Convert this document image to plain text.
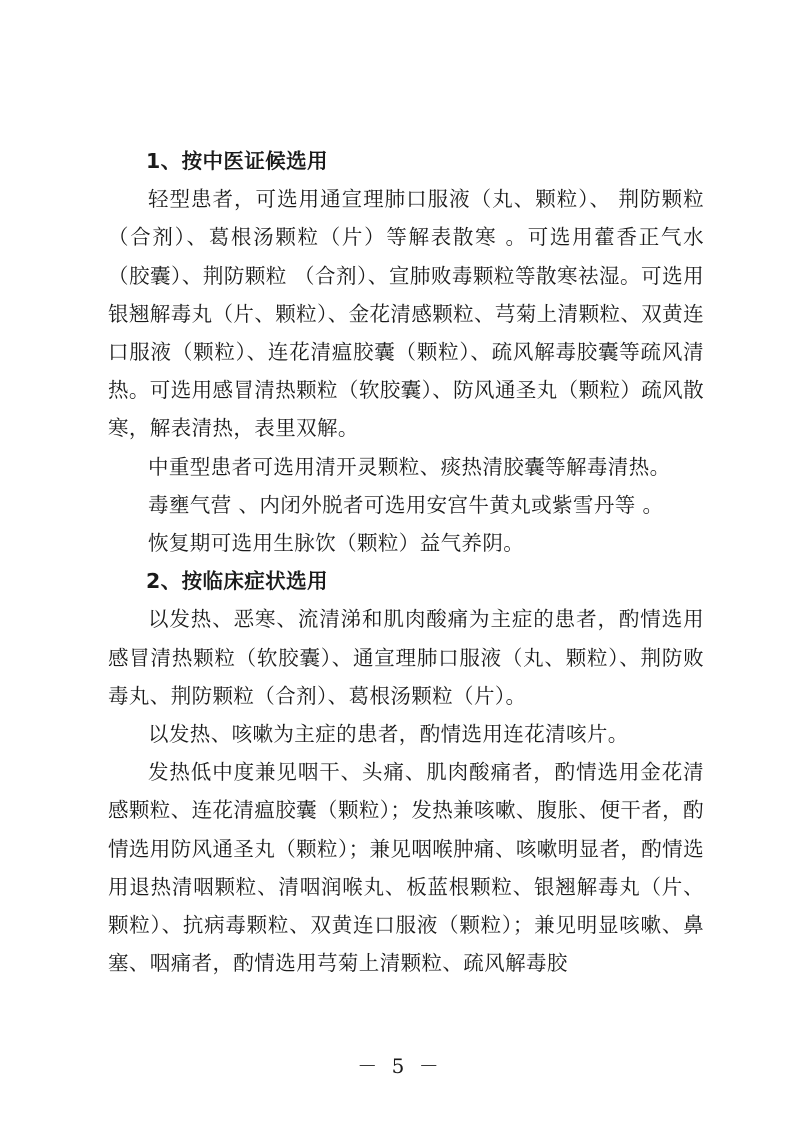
1、按中医证候选用

轻型患者，可选用通宣理肺口服液（丸、颗粒）、 荆防颗粒（合剂）、葛根汤颗粒（片）等解表散寒 。可选用藿香正气水（胶囊）、荆防颗粒 （合剂）、宣肺败毒颗粒等散寒祛湿。可选用银翘解毒丸（片、颗粒）、金花清感颗粒、芎菊上清颗粒、双黄连口服液（颗粒）、连花清瘟胶囊（颗粒）、疏风解毒胶囊等疏风清热。可选用感冒清热颗粒（软胶囊）、防风通圣丸（颗粒）疏风散寒，解表清热，表里双解。

中重型患者可选用清开灵颗粒、痰热清胶囊等解毒清热。

毒壅气营 、内闭外脱者可选用安宫牛黄丸或紫雪丹等 。

恢复期可选用生脉饮（颗粒）益气养阴。

2、按临床症状选用

以发热、恶寒、流清涕和肌肉酸痛为主症的患者，酌情选用感冒清热颗粒（软胶囊）、通宣理肺口服液（丸、颗粒）、荆防败毒丸、荆防颗粒（合剂）、葛根汤颗粒（片）。

以发热、咳嗽为主症的患者，酌情选用连花清咳片。

发热低中度兼见咽干、头痛、肌肉酸痛者，酌情选用金花清感颗粒、连花清瘟胶囊（颗粒）；发热兼咳嗽、腹胀、便干者，酌情选用防风通圣丸（颗粒）；兼见咽喉肿痛、咳嗽明显者，酌情选用退热清咽颗粒、清咽润喉丸、板蓝根颗粒、银翘解毒丸（片、颗粒）、抗病毒颗粒、双黄连口服液（颗粒）；兼见明显咳嗽、鼻塞、咽痛者，酌情选用芎菊上清颗粒、疏风解毒胶

－ 5 －
